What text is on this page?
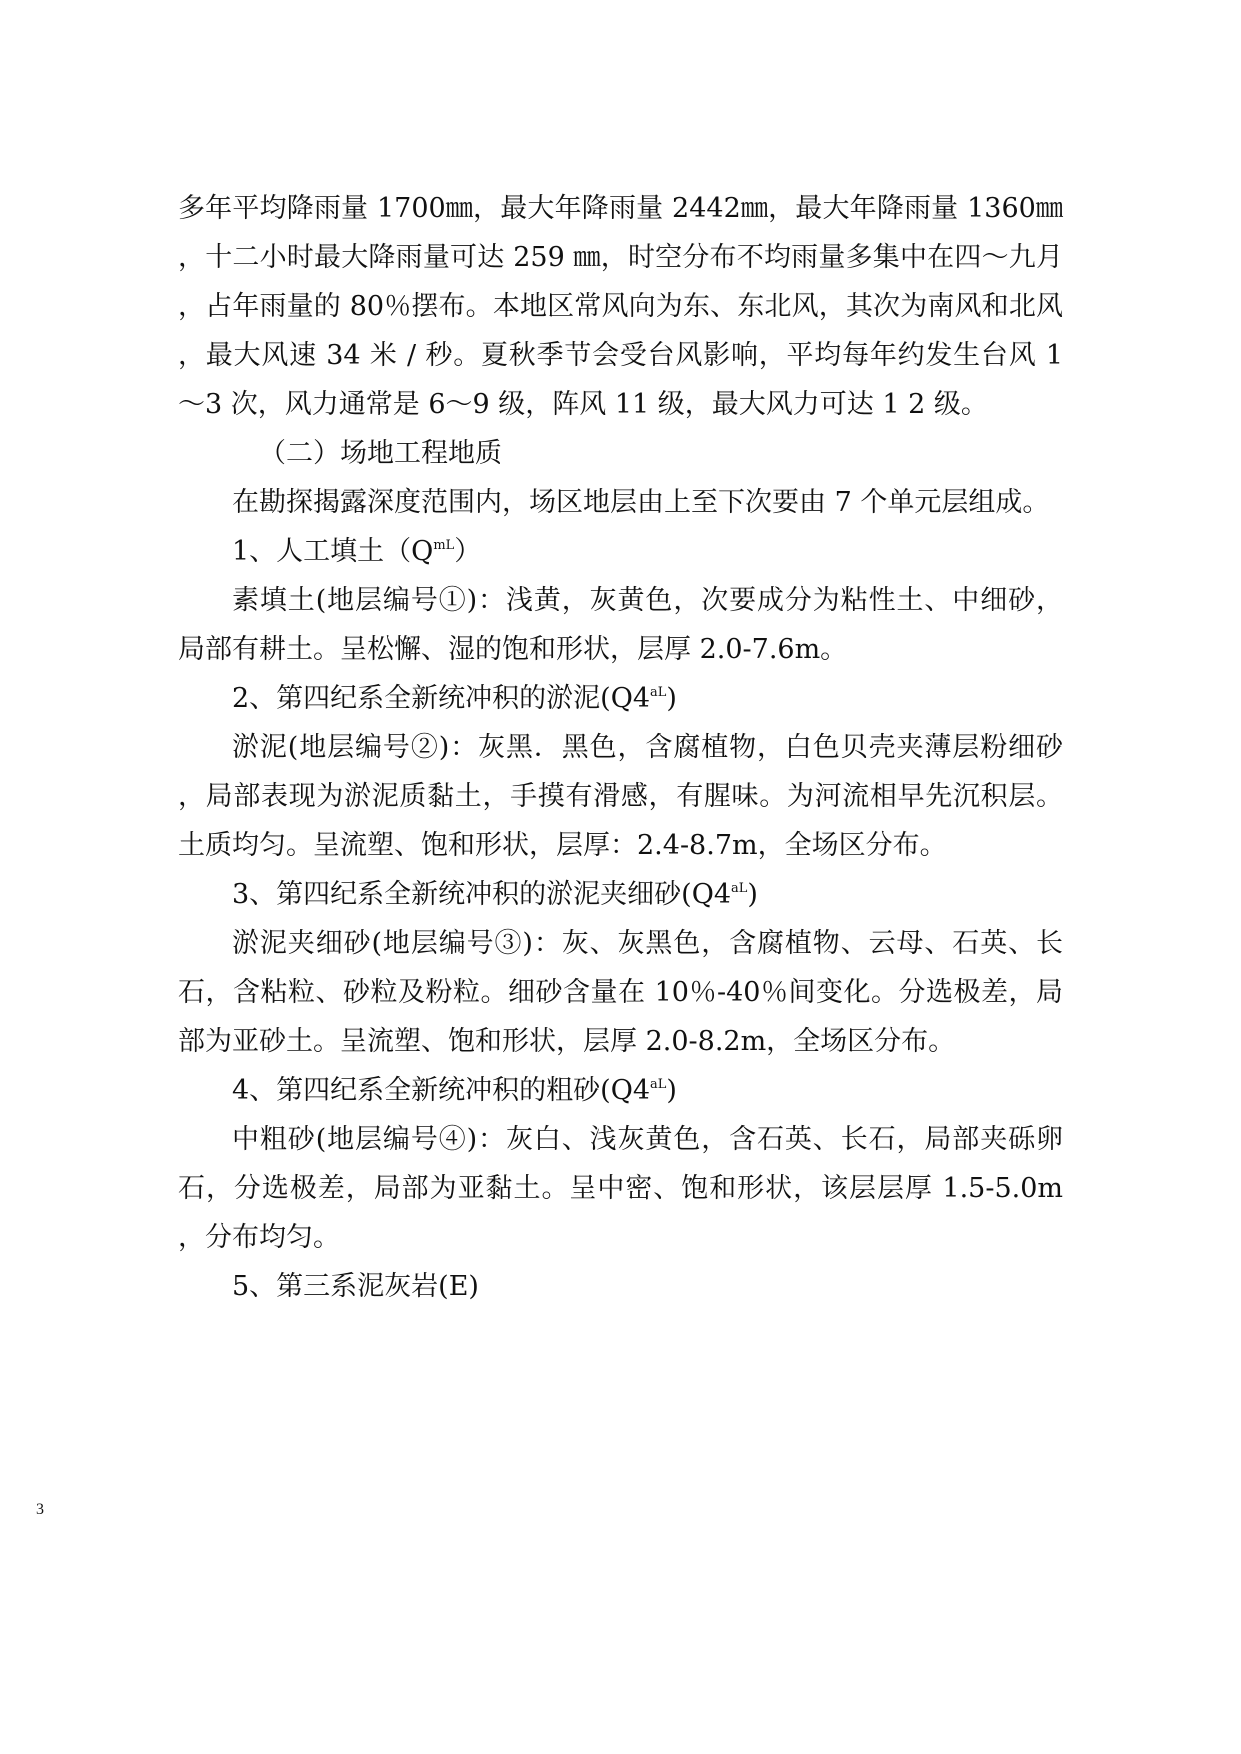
多年平均降雨量 1700㎜，最大年降雨量 2442㎜，最大年降雨量 1360㎜，十二小时最大降雨量可达 259 ㎜，时空分布不均雨量多集中在四～九月，占年雨量的 80％摆布。本地区常风向为东、东北风，其次为南风和北风，最大风速 34 米 / 秒。夏秋季节会受台风影响，平均每年约发生台风 1～3 次，风力通常是 6～9 级，阵风 11 级，最大风力可达 1 2 级。

（二）场地工程地质

在勘探揭露深度范围内，场区地层由上至下次要由 7 个单元层组成。

1、人工填土$(Q^{mL})$

素填土(地层编号①)：浅黄，灰黄色，次要成分为粘性土、中细砂，局部有耕土。呈松懈、湿的饱和形状，层厚 2.0-7.6m。

2、第四纪系全新统冲积的淤泥$(Q4^{aL})$

淤泥(地层编号②)：灰黑．黑色，含腐植物，白色贝壳夹薄层粉细砂，局部表现为淤泥质黏土，手摸有滑感，有腥味。为河流相早先沉积层。土质均匀。呈流塑、饱和形状，层厚：2.4-8.7m，全场区分布。

3、第四纪系全新统冲积的淤泥夹细砂$(Q4^{aL})$

淤泥夹细砂(地层编号③)：灰、灰黑色，含腐植物、云母、石英、长石，含粘粒、砂粒及粉粒。细砂含量在 10％-40％间变化。分选极差，局部为亚砂土。呈流塑、饱和形状，层厚 2.0-8.2m，全场区分布。

4、第四纪系全新统冲积的粗砂$(Q4^{aL})$

中粗砂(地层编号④)：灰白、浅灰黄色，含石英、长石，局部夹砾卵石，分选极差，局部为亚黏土。呈中密、饱和形状，该层层厚 1.5-5.0m，分布均匀。

5、第三系泥灰岩(E)

3
